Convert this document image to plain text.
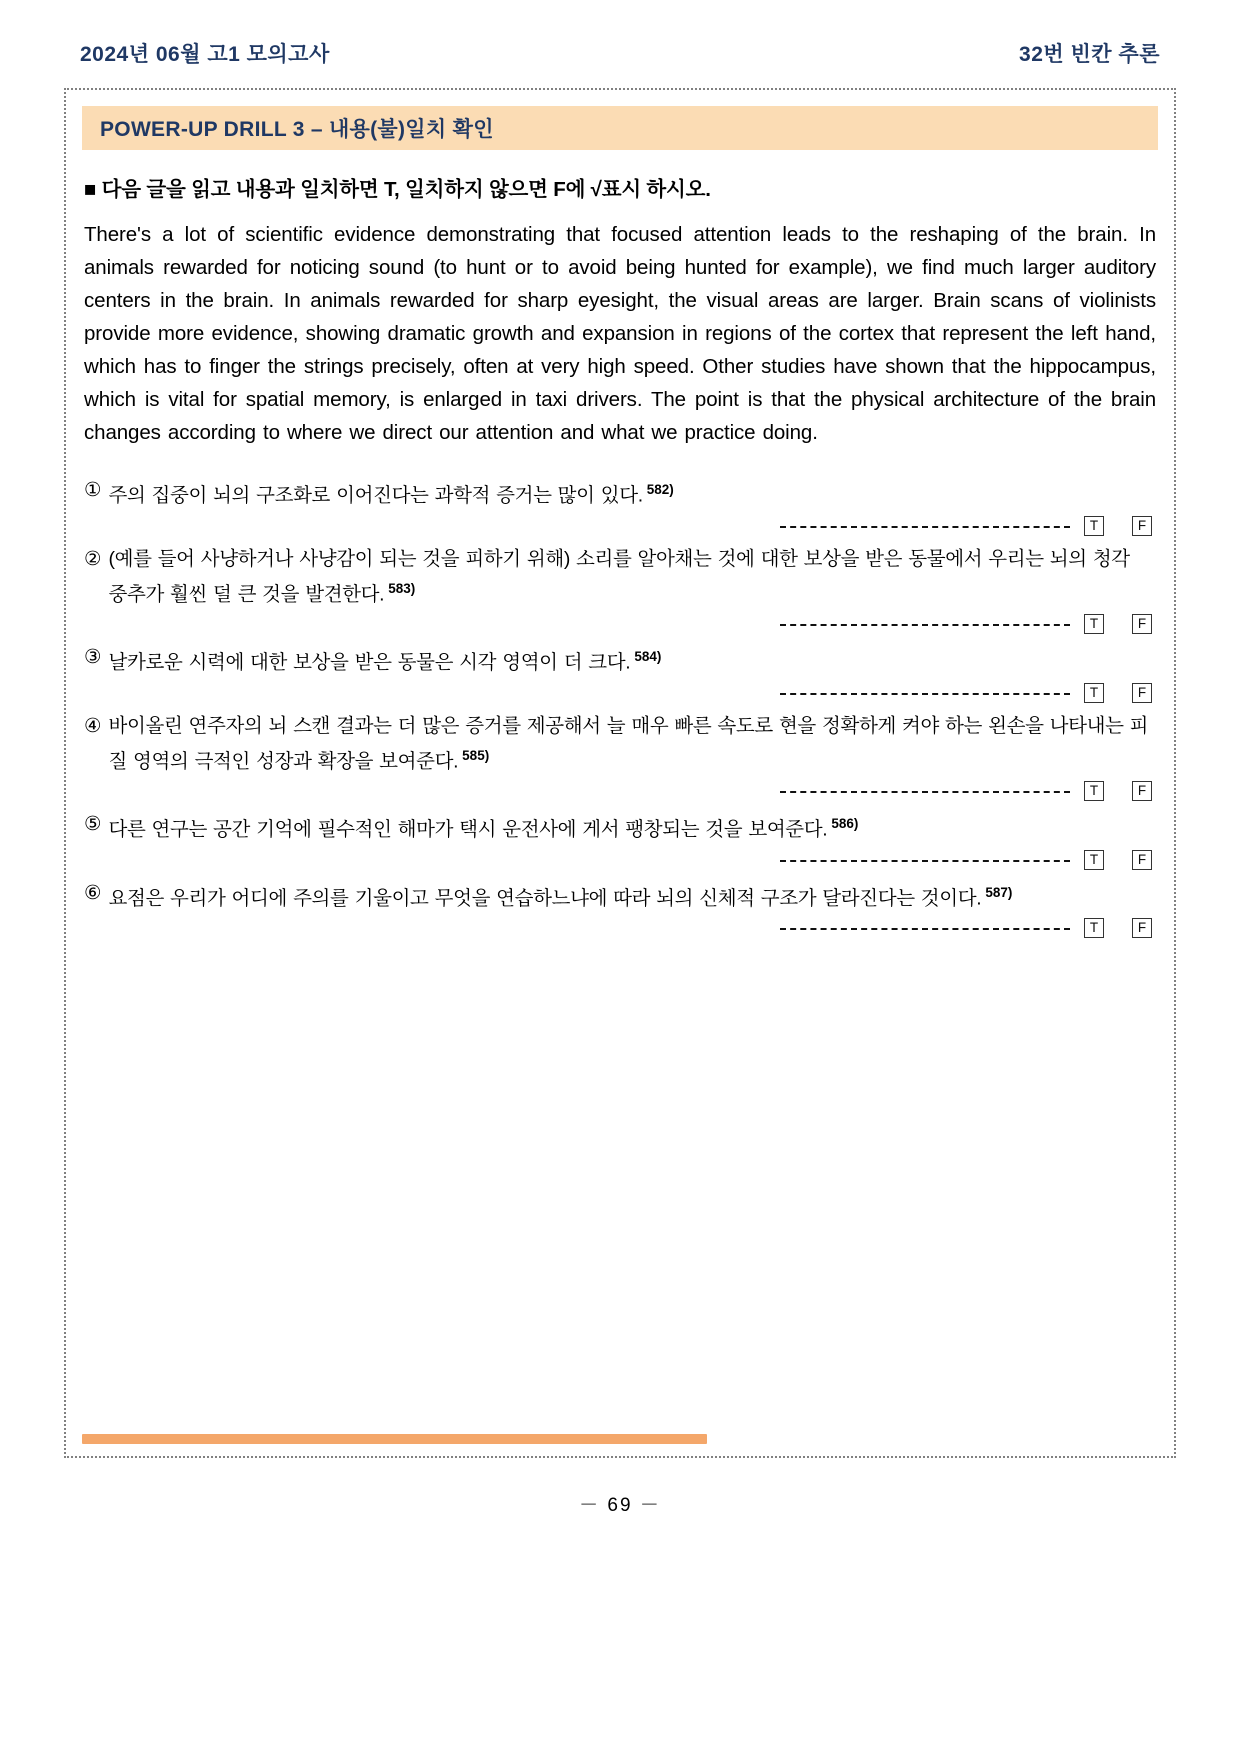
2024년 06월 고1 모의고사	32번 빈칸 추론
POWER-UP DRILL 3 – 내용(불)일치 확인
■ 다음 글을 읽고 내용과 일치하면 T, 일치하지 않으면 F에 √표시 하시오.
There's a lot of scientific evidence demonstrating that focused attention leads to the reshaping of the brain. In animals rewarded for noticing sound (to hunt or to avoid being hunted for example), we find much larger auditory centers in the brain. In animals rewarded for sharp eyesight, the visual areas are larger. Brain scans of violinists provide more evidence, showing dramatic growth and expansion in regions of the cortex that represent the left hand, which has to finger the strings precisely, often at very high speed. Other studies have shown that the hippocampus, which is vital for spatial memory, is enlarged in taxi drivers. The point is that the physical architecture of the brain changes according to where we direct our attention and what we practice doing.
① 주의 집중이 뇌의 구조화로 이어진다는 과학적 증거는 많이 있다. $^{582)}$
T	F
② (예를 들어 사냥하거나 사냥감이 되는 것을 피하기 위해) 소리를 알아채는 것에 대한 보상을 받은 동물에서 우리는 뇌의 청각 중추가 훨씬 덜 큰 것을 발견한다. $^{583)}$
T	F
③ 날카로운 시력에 대한 보상을 받은 동물은 시각 영역이 더 크다. $^{584)}$
T	F
④ 바이올린 연주자의 뇌 스캔 결과는 더 많은 증거를 제공해서 늘 매우 빠른 속도로 현을 정확하게 켜야 하는 왼손을 나타내는 피질 영역의 극적인 성장과 확장을 보여준다. $^{585)}$
T	F
⑤ 다른 연구는 공간 기억에 필수적인 해마가 택시 운전사에 게서 팽창되는 것을 보여준다. $^{586)}$
T	F
⑥ 요점은 우리가 어디에 주의를 기울이고 무엇을 연습하느냐에 따라 뇌의 신체적 구조가 달라진다는 것이다. $^{587)}$
T	F
－ 69 －
